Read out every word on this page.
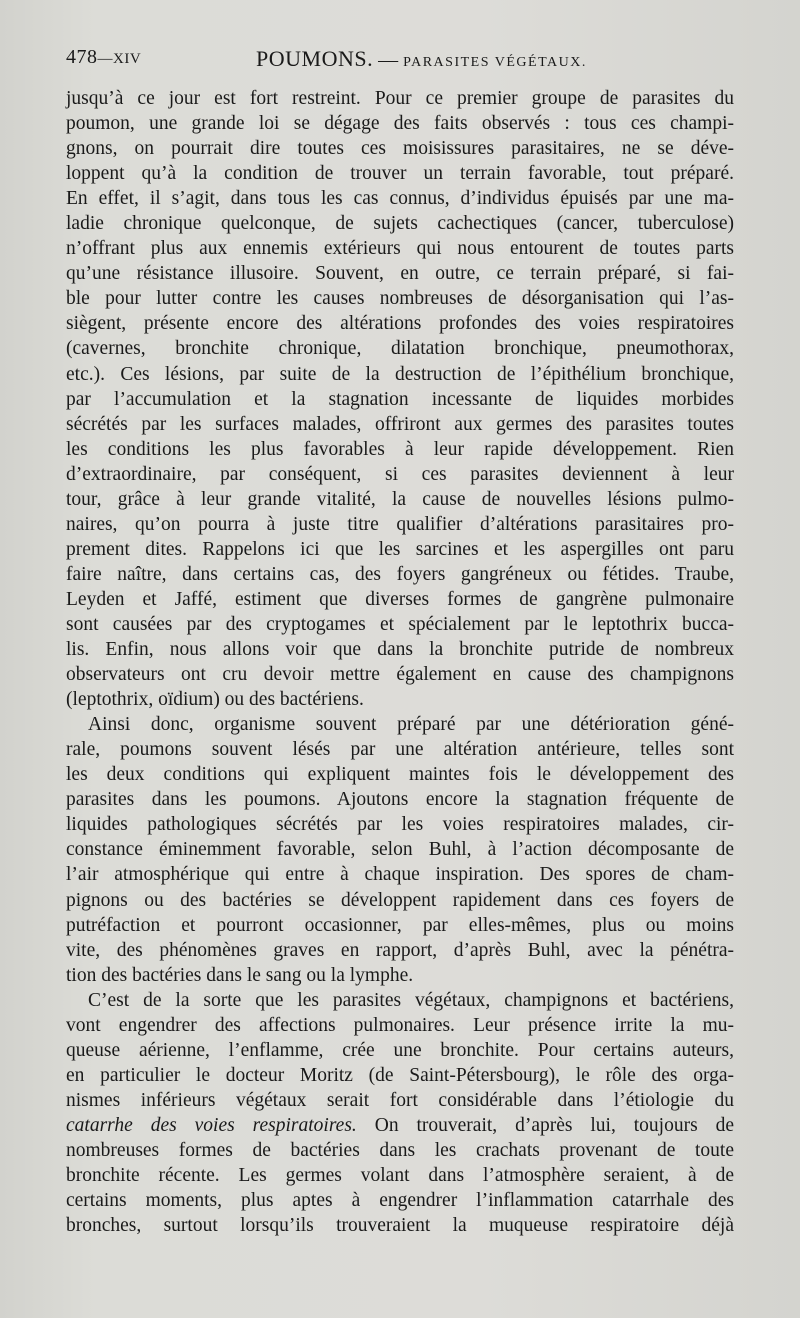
478—XIV	POUMONS. — PARASITES VÉGÉTAUX.
jusqu’à ce jour est fort restreint. Pour ce premier groupe de parasites du
poumon, une grande loi se dégage des faits observés : tous ces champi-
gnons, on pourrait dire toutes ces moisissures parasitaires, ne se déve-
loppent qu’à la condition de trouver un terrain favorable, tout préparé.
En effet, il s’agit, dans tous les cas connus, d’individus épuisés par une ma-
ladie chronique quelconque, de sujets cachectiques (cancer, tuberculose)
n’offrant plus aux ennemis extérieurs qui nous entourent de toutes parts
qu’une résistance illusoire. Souvent, en outre, ce terrain préparé, si fai-
ble pour lutter contre les causes nombreuses de désorganisation qui l’as-
siègent, présente encore des altérations profondes des voies respiratoires
(cavernes, bronchite chronique, dilatation bronchique, pneumothorax,
etc.). Ces lésions, par suite de la destruction de l’épithélium bronchique,
par l’accumulation et la stagnation incessante de liquides morbides
sécrétés par les surfaces malades, offriront aux germes des parasites toutes
les conditions les plus favorables à leur rapide développement. Rien
d’extraordinaire, par conséquent, si ces parasites deviennent à leur
tour, grâce à leur grande vitalité, la cause de nouvelles lésions pulmo-
naires, qu’on pourra à juste titre qualifier d’altérations parasitaires pro-
prement dites. Rappelons ici que les sarcines et les aspergilles ont paru
faire naître, dans certains cas, des foyers gangréneux ou fétides. Traube,
Leyden et Jaffé, estiment que diverses formes de gangrène pulmonaire
sont causées par des cryptogames et spécialement par le leptothrix bucca-
lis. Enfin, nous allons voir que dans la bronchite putride de nombreux
observateurs ont cru devoir mettre également en cause des champignons
(leptothrix, oïdium) ou des bactériens.
Ainsi donc, organisme souvent préparé par une détérioration géné-
rale, poumons souvent lésés par une altération antérieure, telles sont
les deux conditions qui expliquent maintes fois le développement des
parasites dans les poumons. Ajoutons encore la stagnation fréquente de
liquides pathologiques sécrétés par les voies respiratoires malades, cir-
constance éminemment favorable, selon Buhl, à l’action décomposante de
l’air atmosphérique qui entre à chaque inspiration. Des spores de cham-
pignons ou des bactéries se développent rapidement dans ces foyers de
putréfaction et pourront occasionner, par elles-mêmes, plus ou moins
vite, des phénomènes graves en rapport, d’après Buhl, avec la pénétra-
tion des bactéries dans le sang ou la lymphe.
C’est de la sorte que les parasites végétaux, champignons et bactériens,
vont engendrer des affections pulmonaires. Leur présence irrite la mu-
queuse aérienne, l’enflamme, crée une bronchite. Pour certains auteurs,
en particulier le docteur Moritz (de Saint-Pétersbourg), le rôle des orga-
nismes inférieurs végétaux serait fort considérable dans l’étiologie du
catarrhe des voies respiratoires. On trouverait, d’après lui, toujours de
nombreuses formes de bactéries dans les crachats provenant de toute
bronchite récente. Les germes volant dans l’atmosphère seraient, à de
certains moments, plus aptes à engendrer l’inflammation catarrhale des
bronches, surtout lorsqu’ils trouveraient la muqueuse respiratoire déjà
